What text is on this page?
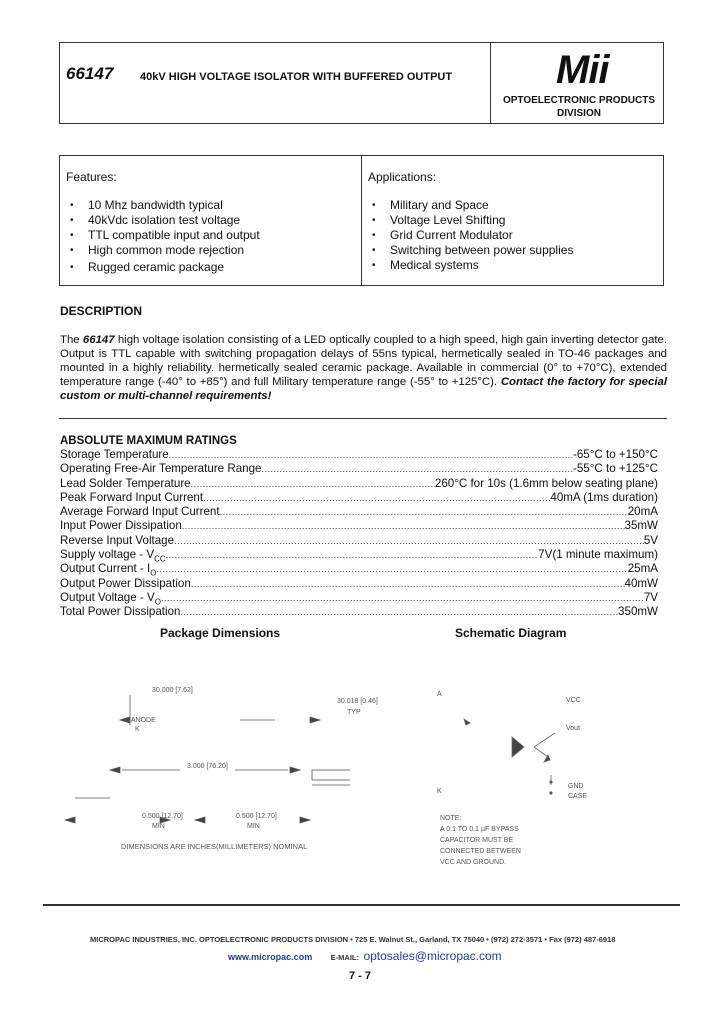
66147 40kV HIGH VOLTAGE ISOLATOR WITH BUFFERED OUTPUT	Mii
OPTOELECTRONIC PRODUCTS
DIVISION
Features:
• 10 Mhz bandwidth typical
• 40kVdc isolation test voltage
• TTL compatible input and output
• High common mode rejection
• Rugged ceramic package
Applications:
• Military and Space
• Voltage Level Shifting
• Grid Current Modulator
• Switching between power supplies
• Medical systems
DESCRIPTION
The 66147 high voltage isolation consisting of a LED optically coupled to a high speed, high gain inverting detector gate. Output is TTL capable with switching propagation delays of 55ns typical, hermetically sealed in TO-46 packages and mounted in a highly reliability. hermetically sealed ceramic package. Available in commercial (0° to +70°C), extended temperature range (-40° to +85°) and full Military temperature range (-55° to +125°C). Contact the factory for special custom or multi-channel requirements!
ABSOLUTE MAXIMUM RATINGS
Storage Temperature .....	-65°C to +150°C
Operating Free-Air Temperature Range .....	-55°C to +125°C
Lead Solder Temperature .....	260°C for 10s (1.6mm below seating plane)
Peak Forward Input Current .....	40mA (1ms duration)
Average Forward Input Current .....	20mA
Input Power Dissipation .....	35mW
Reverse Input Voltage .....	5V
Supply voltage - $V_{CC}$ .....	7V(1 minute maximum)
Output Current - $I_O$ .....	25mA
Output Power Dissipation .....	40mW
Output Voltage - $V_O$ .....	7V
Total Power Dissipation .....	350mW
Package Dimensions
30.000 [7.62]
A ANODE
K
30.018 [0.46]
TYP
3.000 [76.20]
0.500 [12.70]
MIN
0.500 [12.70]
MIN
DIMENSIONS ARE INCHES(MILLIMETERS) NOMINAL
Schematic Diagram
A
K
VCC
Vout
GND
CASE
NOTE:
A 0.1 TO 0.1 µF BYPASS
CAPACITOR MUST BE
CONNECTED BETWEEN
VCC AND GROUND.
MICROPAC INDUSTRIES, INC. OPTOELECTRONIC PRODUCTS DIVISION • 725 E. Walnut St., Garland, TX 75040 • (972) 272-3571 • Fax (972) 487-6918
www.micropac.com E-MAIL: optosales@micropac.com
7 - 7
